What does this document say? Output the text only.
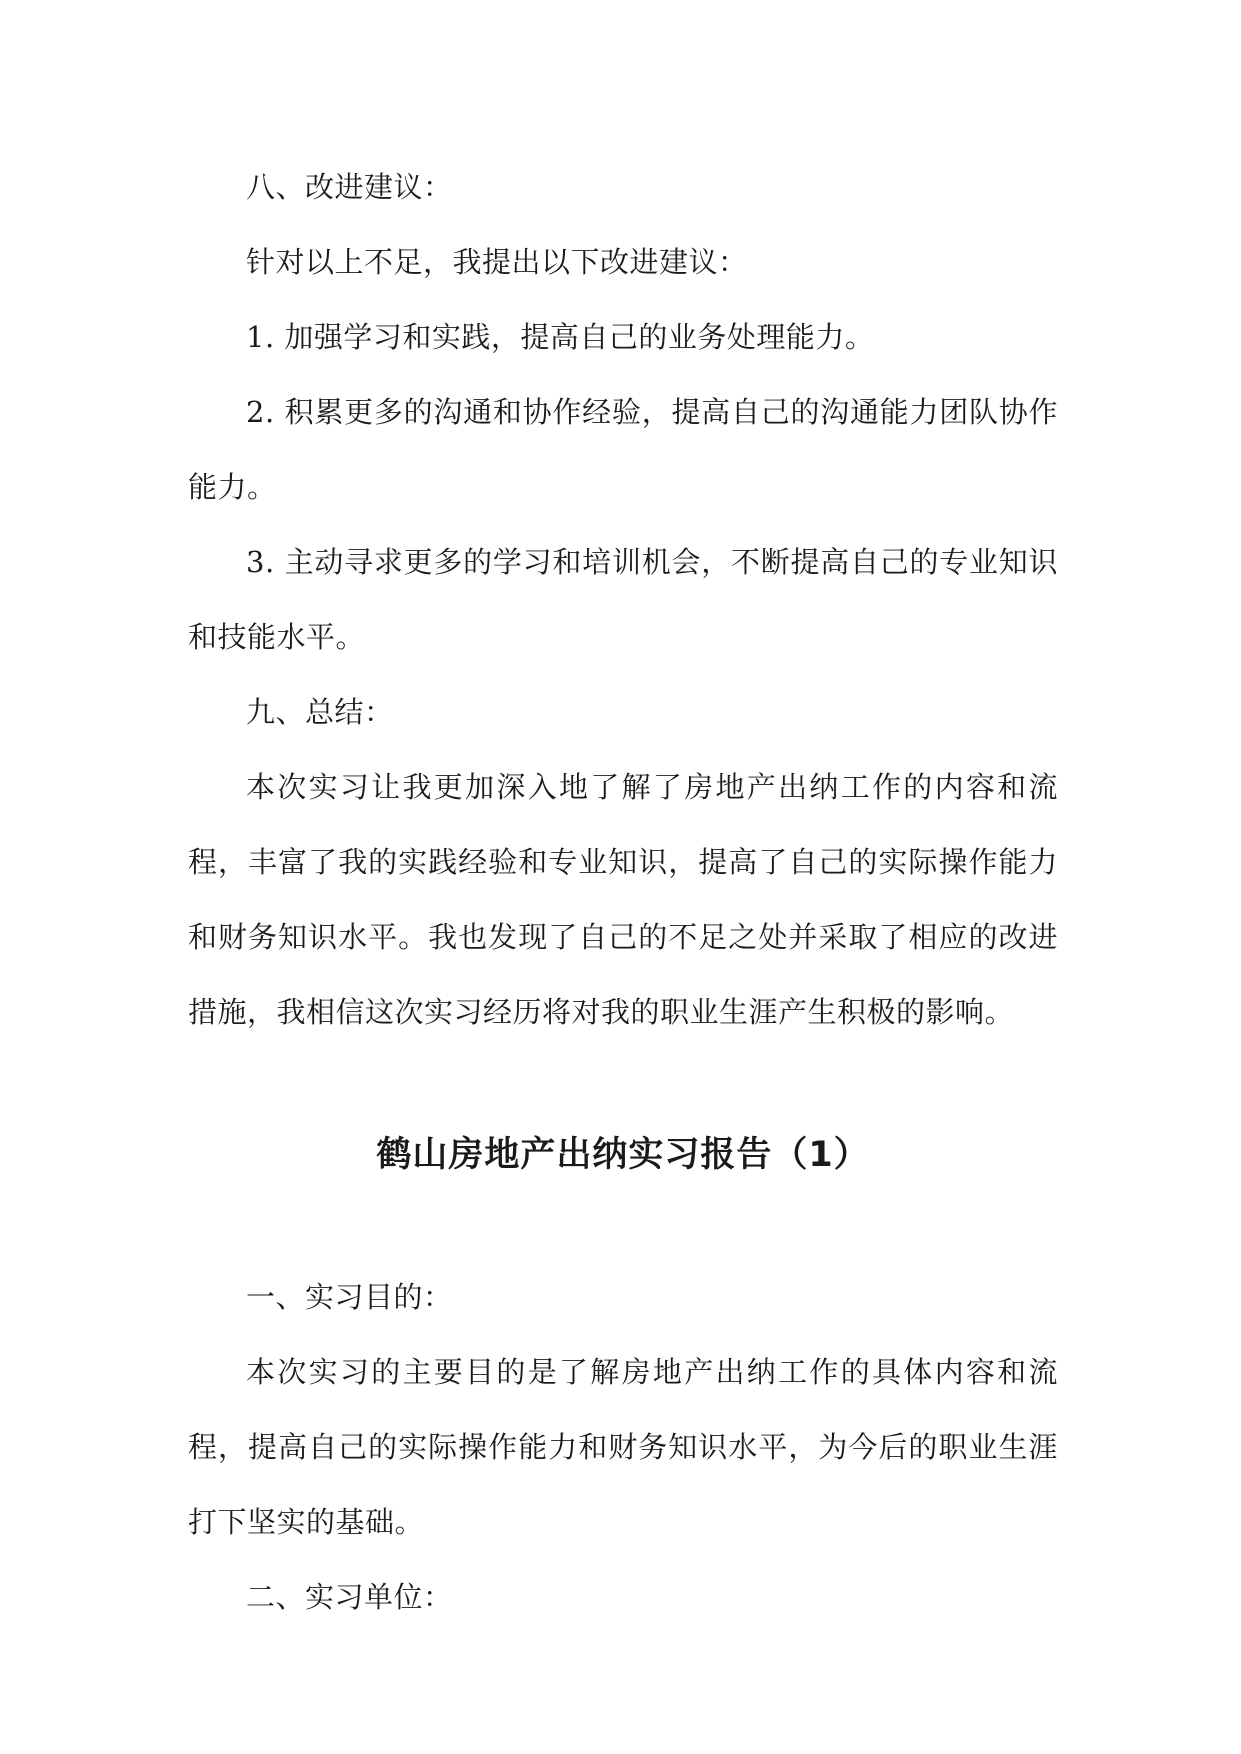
八、改进建议：

针对以上不足，我提出以下改进建议：

1. 加强学习和实践，提高自己的业务处理能力。

2. 积累更多的沟通和协作经验，提高自己的沟通能力团队协作能力。

3. 主动寻求更多的学习和培训机会，不断提高自己的专业知识和技能水平。

九、总结：

本次实习让我更加深入地了解了房地产出纳工作的内容和流程，丰富了我的实践经验和专业知识，提高了自己的实际操作能力和财务知识水平。我也发现了自己的不足之处并采取了相应的改进措施，我相信这次实习经历将对我的职业生涯产生积极的影响。

鹤山房地产出纳实习报告（1）

一、实习目的：

本次实习的主要目的是了解房地产出纳工作的具体内容和流程，提高自己的实际操作能力和财务知识水平，为今后的职业生涯打下坚实的基础。

二、实习单位：
